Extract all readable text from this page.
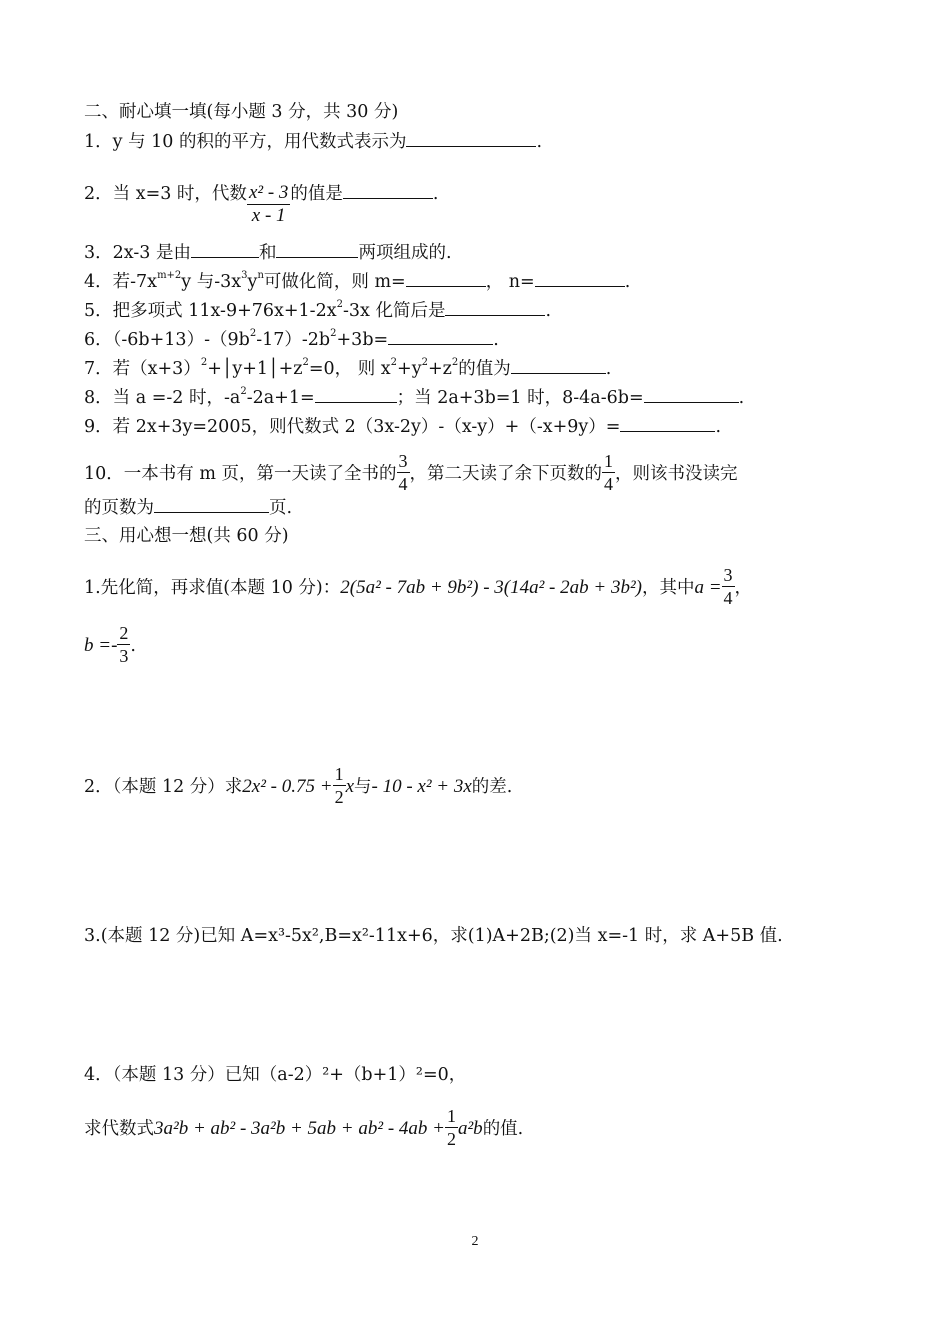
二、耐心填一填(每小题 3 分，共 30 分)
1．y 与 10 的积的平方，用代数式表示为	.
2．当 x=3 时，代数 $\frac{\text{x² - 3}}{x - 1}$ 的值是	.
3．2x-3 是由	和	两项组成的.
4．若$-7x^{m+2}y$ 与$-3x^3y^n$可做化简，则 m=	， n=	.
5．把多项式 $11x-9+76x+1-2x^2-3x$ 化简后是	.
6．$(-6b+13)-(9b^2-17)-2b^2+3b=$	.
7．若$(x+3)^2+│y+1│+z^2=0$， 则 $x^2+y^2+z^2$的值为	.
8．当 a =-2 时，$-a^2-2a+1=$	；当 2a+3b=1 时，8-4a-6b=	.
9．若 2x+3y=2005，则代数式 2（3x-2y）-（x-y）+（-x+9y）=	.
10．一本书有 m 页，第一天读了全书的 $\frac{3}{4}$ ，第二天读了余下页数的 $\frac{1}{4}$ ，则该书没读完
的页数为	页.
三、用心想一想(共 60 分)
1.先化简，再求值(本题 10 分)：2(5a² - 7ab + 9b²) - 3(14a² - 2ab + 3b²)，其中$a = \frac{3}{4}$ ，
$b =- \frac{2}{3}$ .
2．（本题 12 分）求$2x^2 - 0.75 + \frac{1}{2}$ x与- 10 - x² + 3x的差.
3.(本题 12 分)已知 A=x³-5x²,B=x²-11x+6，求(1)A+2B;(2)当 x=-1 时，求 A+5B 值.
4．（本题 13 分）已知（a-2）²+（b+1）²=0，
求代数式$3a^2b + ab^2 - 3a^2b + 5ab + ab^2 - 4ab + \frac{1}{2} a^2b$的值.
2
